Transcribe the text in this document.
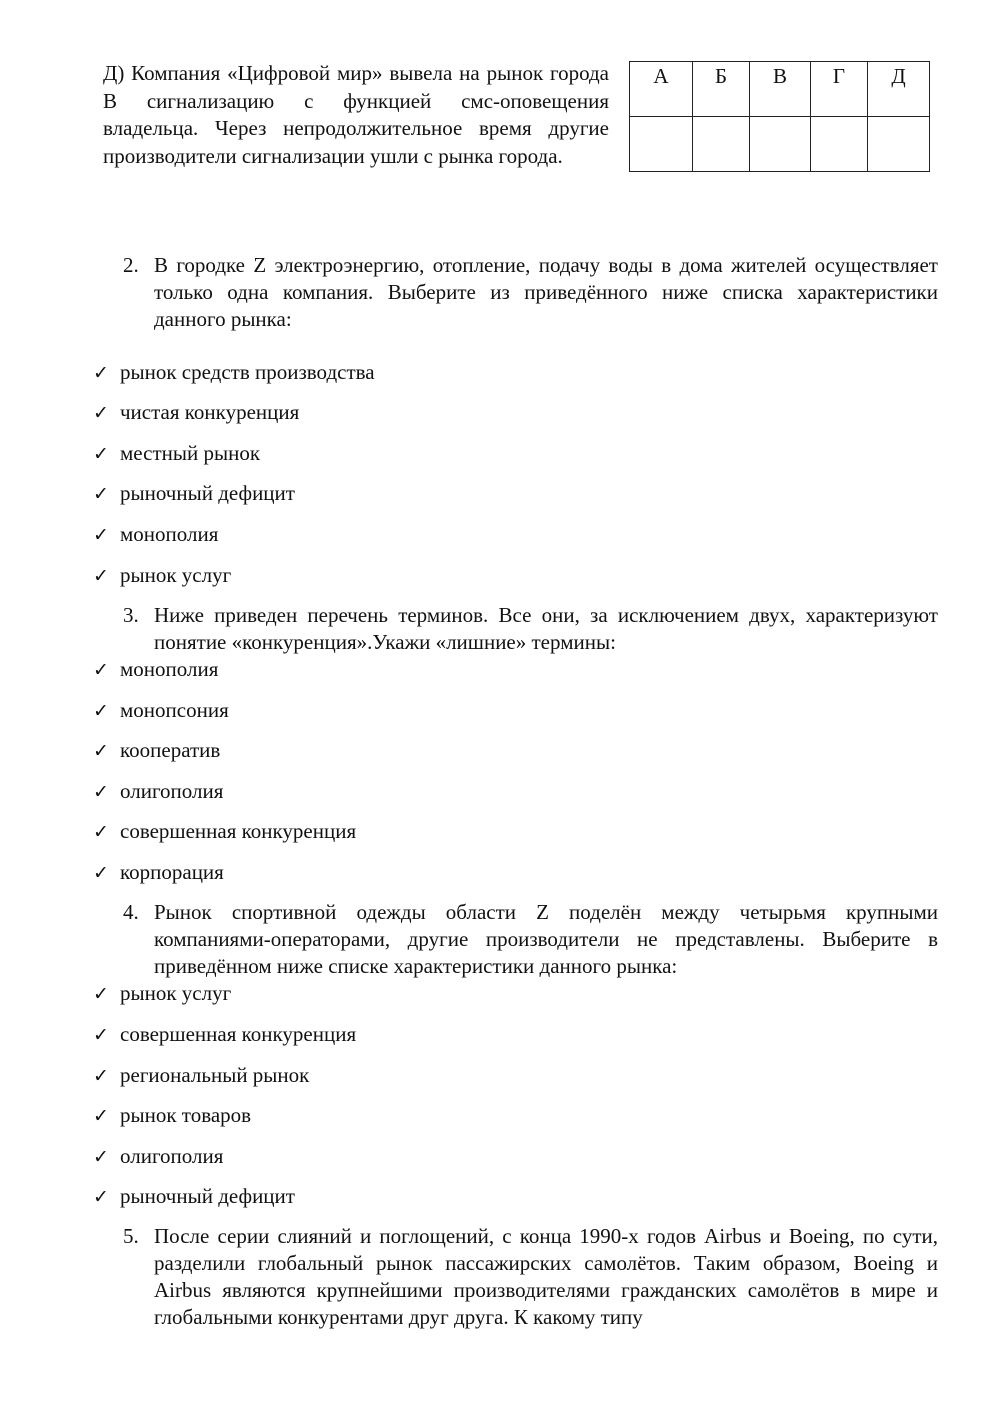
Д) Компания «Цифровой мир» вывела на рынок города В сигнализацию с функцией смс-оповещения владельца. Через непродолжительное время другие производители сигнализации ушли с рынка города.
А	Б	В	Г	Д

2. В городке Z электроэнергию, отопление, подачу воды в дома жителей осуществляет только одна компания. Выберите из приведённого ниже списка характеристики данного рынка:
✓ рынок средств производства
✓ чистая конкуренция
✓ местный рынок
✓ рыночный дефицит
✓ монополия
✓ рынок услуг
3. Ниже приведен перечень терминов. Все они, за исключением двух, характеризуют понятие «конкуренция».Укажи «лишние» термины:
✓ монополия
✓ монопсония
✓ кооператив
✓ олигополия
✓ совершенная конкуренция
✓ корпорация
4. Рынок спортивной одежды области Z поделён между четырьмя крупными компаниями-операторами, другие производители не представлены. Выберите в приведённом ниже списке характеристики данного рынка:
✓ рынок услуг
✓ совершенная конкуренция
✓ региональный рынок
✓ рынок товаров
✓ олигополия
✓ рыночный дефицит
5. После серии слияний и поглощений, с конца 1990-х годов Airbus и Boeing, по сути, разделили глобальный рынок пассажирских самолётов. Таким образом, Boeing и Airbus являются крупнейшими производителями гражданских самолётов в мире и глобальными конкурентами друг друга. К какому типу
